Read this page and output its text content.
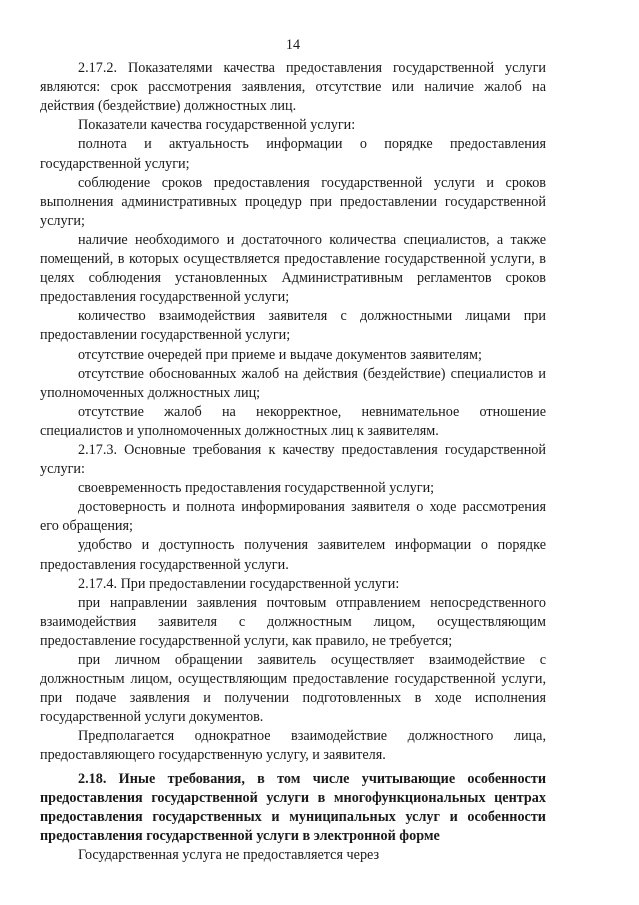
14

2.17.2. Показателями качества предоставления государственной услуги являются: срок рассмотрения заявления, отсутствие или наличие жалоб на действия (бездействие) должностных лиц.

Показатели качества государственной услуги:

полнота и актуальность информации о порядке предоставления государственной услуги;

соблюдение сроков предоставления государственной услуги и сроков выполнения административных процедур при предоставлении государственной услуги;

наличие необходимого и достаточного количества специалистов, а также помещений, в которых осуществляется предоставление государственной услуги, в целях соблюдения установленных Административным регламентов сроков предоставления государственной услуги;

количество взаимодействия заявителя с должностными лицами при предоставлении государственной услуги;

отсутствие очередей при приеме и выдаче документов заявителям;

отсутствие обоснованных жалоб на действия (бездействие) специалистов и уполномоченных должностных лиц;

отсутствие жалоб на некорректное, невнимательное отношение специалистов и уполномоченных должностных лиц к заявителям.

2.17.3. Основные требования к качеству предоставления государственной услуги:

своевременность предоставления государственной услуги;

достоверность и полнота информирования заявителя о ходе рассмотрения его обращения;

удобство и доступность получения заявителем информации о порядке предоставления государственной услуги.

2.17.4. При предоставлении государственной услуги:

при направлении заявления почтовым отправлением непосредственного взаимодействия заявителя с должностным лицом, осуществляющим предоставление государственной услуги, как правило, не требуется;

при личном обращении заявитель осуществляет взаимодействие с должностным лицом, осуществляющим предоставление государственной услуги, при подаче заявления и получении подготовленных в ходе исполнения государственной услуги документов.

Предполагается однократное взаимодействие должностного лица, предоставляющего государственную услугу, и заявителя.

2.18. Иные требования, в том числе учитывающие особенности предоставления государственной услуги в многофункциональных центрах предоставления государственных и муниципальных услуг и особенности предоставления государственной услуги в электронной форме

Государственная услуга не предоставляется через
